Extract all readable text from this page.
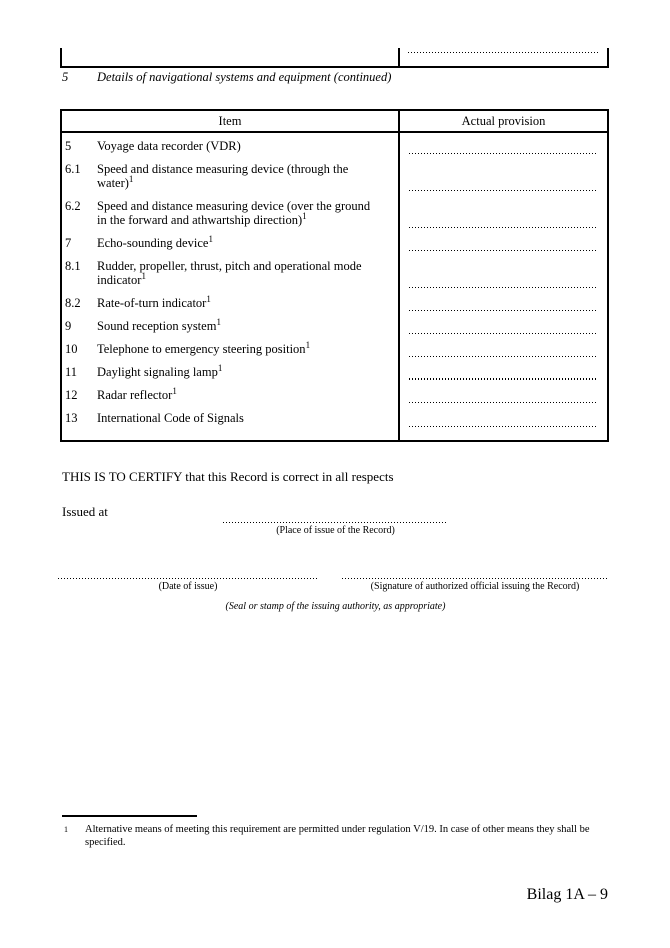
5	Details of navigational systems and equipment (continued)
Item	Actual provision
5	Voyage data recorder (VDR)
6.1	Speed and distance measuring device (through the water)$^1$
6.2	Speed and distance measuring device (over the ground in the forward and athwartship direction)$^1$
7	Echo-sounding device$^1$
8.1	Rudder, propeller, thrust, pitch and operational mode indicator$^1$
8.2	Rate-of-turn indicator$^1$
9	Sound reception system$^1$
10	Telephone to emergency steering position$^1$
11	Daylight signaling lamp$^1$
12	Radar reflector$^1$
13	International Code of Signals
THIS IS TO CERTIFY that this Record is correct in all respects
Issued at
(Place of issue of the Record)
(Date of issue)	(Signature of authorized official issuing the Record)
(Seal or stamp of the issuing authority, as appropriate)
1	Alternative means of meeting this requirement are permitted under regulation V/19. In case of other means they shall be specified.
Bilag 1A – 9
